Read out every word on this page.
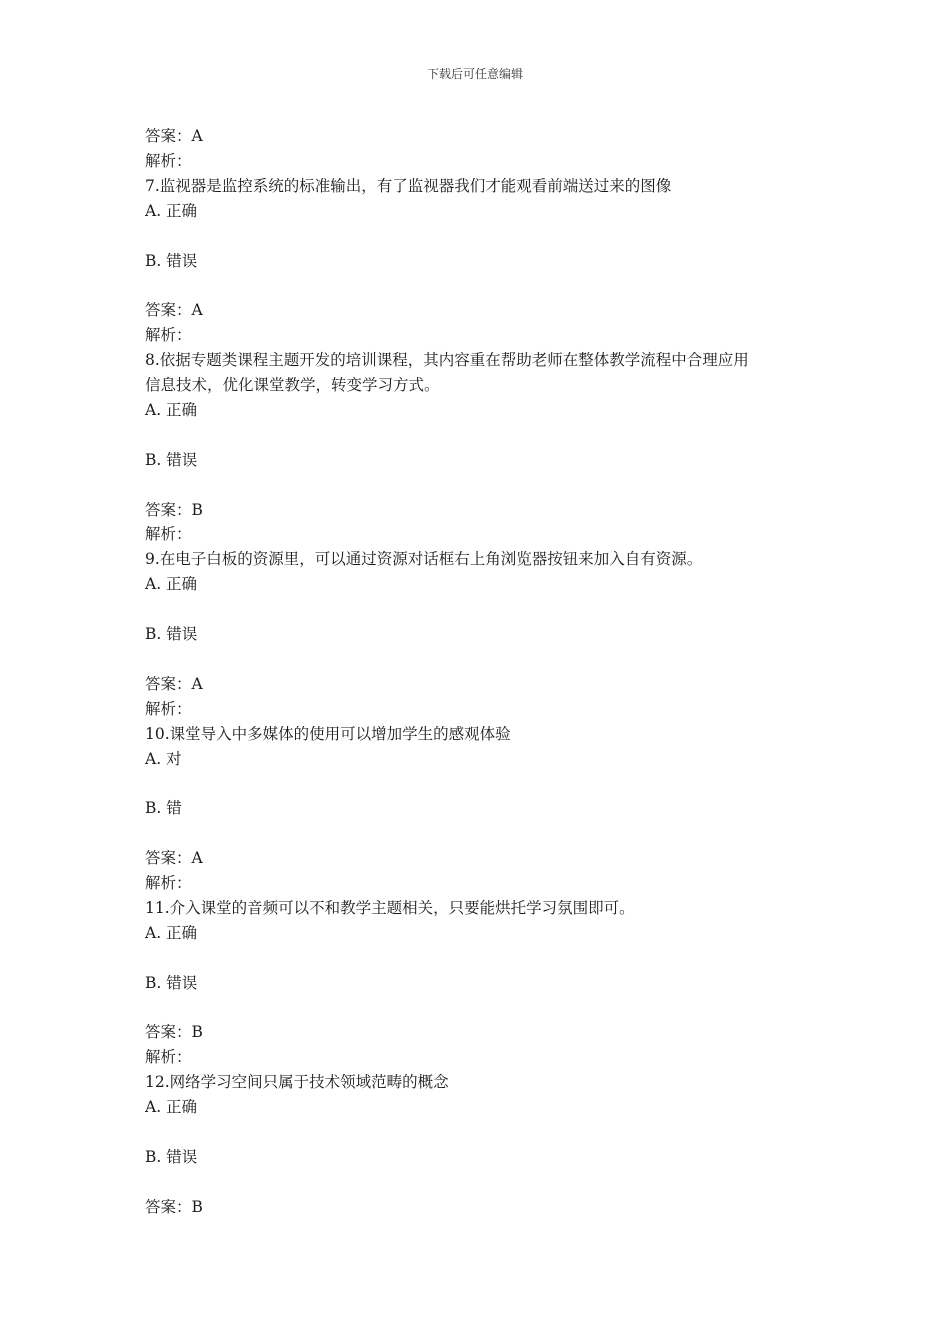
下载后可任意编辑
答案：A
解析：
7.监视器是监控系统的标准输出，有了监视器我们才能观看前端送过来的图像
A. 正确
B. 错误
答案：A
解析：
8.依据专题类课程主题开发的培训课程，其内容重在帮助老师在整体教学流程中合理应用
信息技术，优化课堂教学，转变学习方式。
A. 正确
B. 错误
答案：B
解析：
9.在电子白板的资源里，可以通过资源对话框右上角浏览器按钮来加入自有资源。
A. 正确
B. 错误
答案：A
解析：
10.课堂导入中多媒体的使用可以增加学生的感观体验
A. 对
B. 错
答案：A
解析：
11.介入课堂的音频可以不和教学主题相关，只要能烘托学习氛围即可。
A. 正确
B. 错误
答案：B
解析：
12.网络学习空间只属于技术领域范畴的概念
A. 正确
B. 错误
答案：B
